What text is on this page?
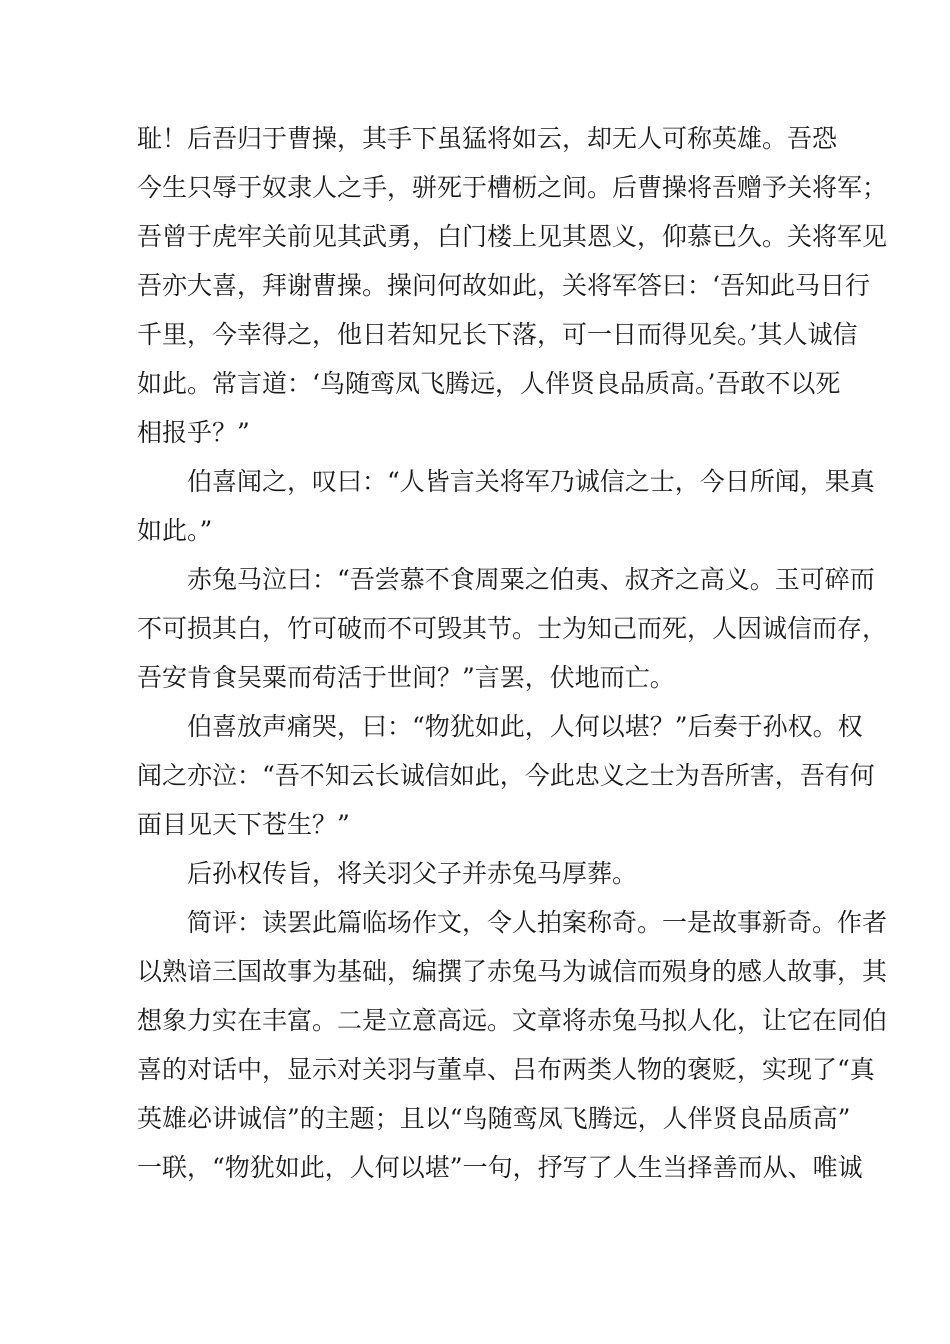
耻！后吾归于曹操，其手下虽猛将如云，却无人可称英雄。吾恐
今生只辱于奴隶人之手，骈死于槽枥之间。后曹操将吾赠予关将军；
吾曾于虎牢关前见其武勇，白门楼上见其恩义，仰慕已久。关将军见
吾亦大喜，拜谢曹操。操问何故如此，关将军答曰：‘吾知此马日行
千里，今幸得之，他日若知兄长下落，可一日而得见矣。’其人诚信
如此。常言道：‘鸟随鸾凤飞腾远，人伴贤良品质高。’吾敢不以死
相报乎？”
伯喜闻之，叹曰：“人皆言关将军乃诚信之士，今日所闻，果真
如此。”
赤兔马泣曰：“吾尝慕不食周粟之伯夷、叔齐之高义。玉可碎而
不可损其白，竹可破而不可毁其节。士为知己而死，人因诚信而存，
吾安肯食吴粟而苟活于世间？”言罢，伏地而亡。
伯喜放声痛哭，曰：“物犹如此，人何以堪？”后奏于孙权。权
闻之亦泣：“吾不知云长诚信如此，今此忠义之士为吾所害，吾有何
面目见天下苍生？”
后孙权传旨，将关羽父子并赤兔马厚葬。
简评：读罢此篇临场作文，令人拍案称奇。一是故事新奇。作者
以熟谙三国故事为基础，编撰了赤兔马为诚信而殒身的感人故事，其
想象力实在丰富。二是立意高远。文章将赤兔马拟人化，让它在同伯
喜的对话中，显示对关羽与董卓、吕布两类人物的褒贬，实现了“真
英雄必讲诚信”的主题；且以“鸟随鸾凤飞腾远，人伴贤良品质高”
一联，“物犹如此，人何以堪”一句，抒写了人生当择善而从、唯诚
